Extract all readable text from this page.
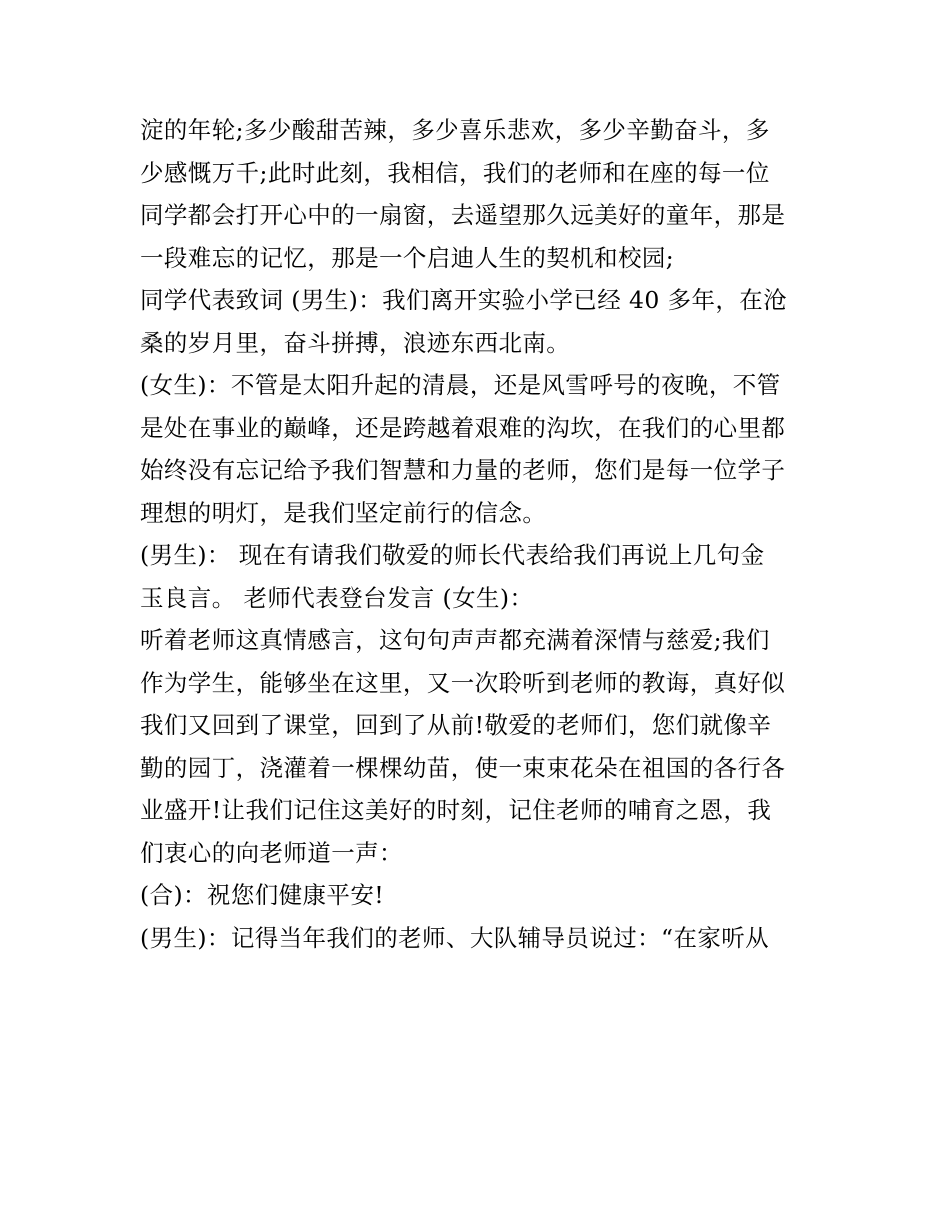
淀的年轮;多少酸甜苦辣，多少喜乐悲欢，多少辛勤奋斗，多
少感慨万千;此时此刻，我相信，我们的老师和在座的每一位
同学都会打开心中的一扇窗，去遥望那久远美好的童年，那是
一段难忘的记忆，那是一个启迪人生的契机和校园;
同学代表致词 (男生)：我们离开实验小学已经 40 多年，在沧
桑的岁月里，奋斗拼搏，浪迹东西北南。
(女生)：不管是太阳升起的清晨，还是风雪呼号的夜晚，不管
是处在事业的巅峰，还是跨越着艰难的沟坎，在我们的心里都
始终没有忘记给予我们智慧和力量的老师，您们是每一位学子
理想的明灯，是我们坚定前行的信念。
(男生)： 现在有请我们敬爱的师长代表给我们再说上几句金
玉良言。 老师代表登台发言 (女生)：
听着老师这真情感言，这句句声声都充满着深情与慈爱;我们
作为学生，能够坐在这里，又一次聆听到老师的教诲，真好似
我们又回到了课堂，回到了从前!敬爱的老师们，您们就像辛
勤的园丁，浇灌着一棵棵幼苗，使一束束花朵在祖国的各行各
业盛开!让我们记住这美好的时刻，记住老师的哺育之恩，我
们衷心的向老师道一声：
(合)：祝您们健康平安!
(男生)：记得当年我们的老师、大队辅导员说过：“在家听从
